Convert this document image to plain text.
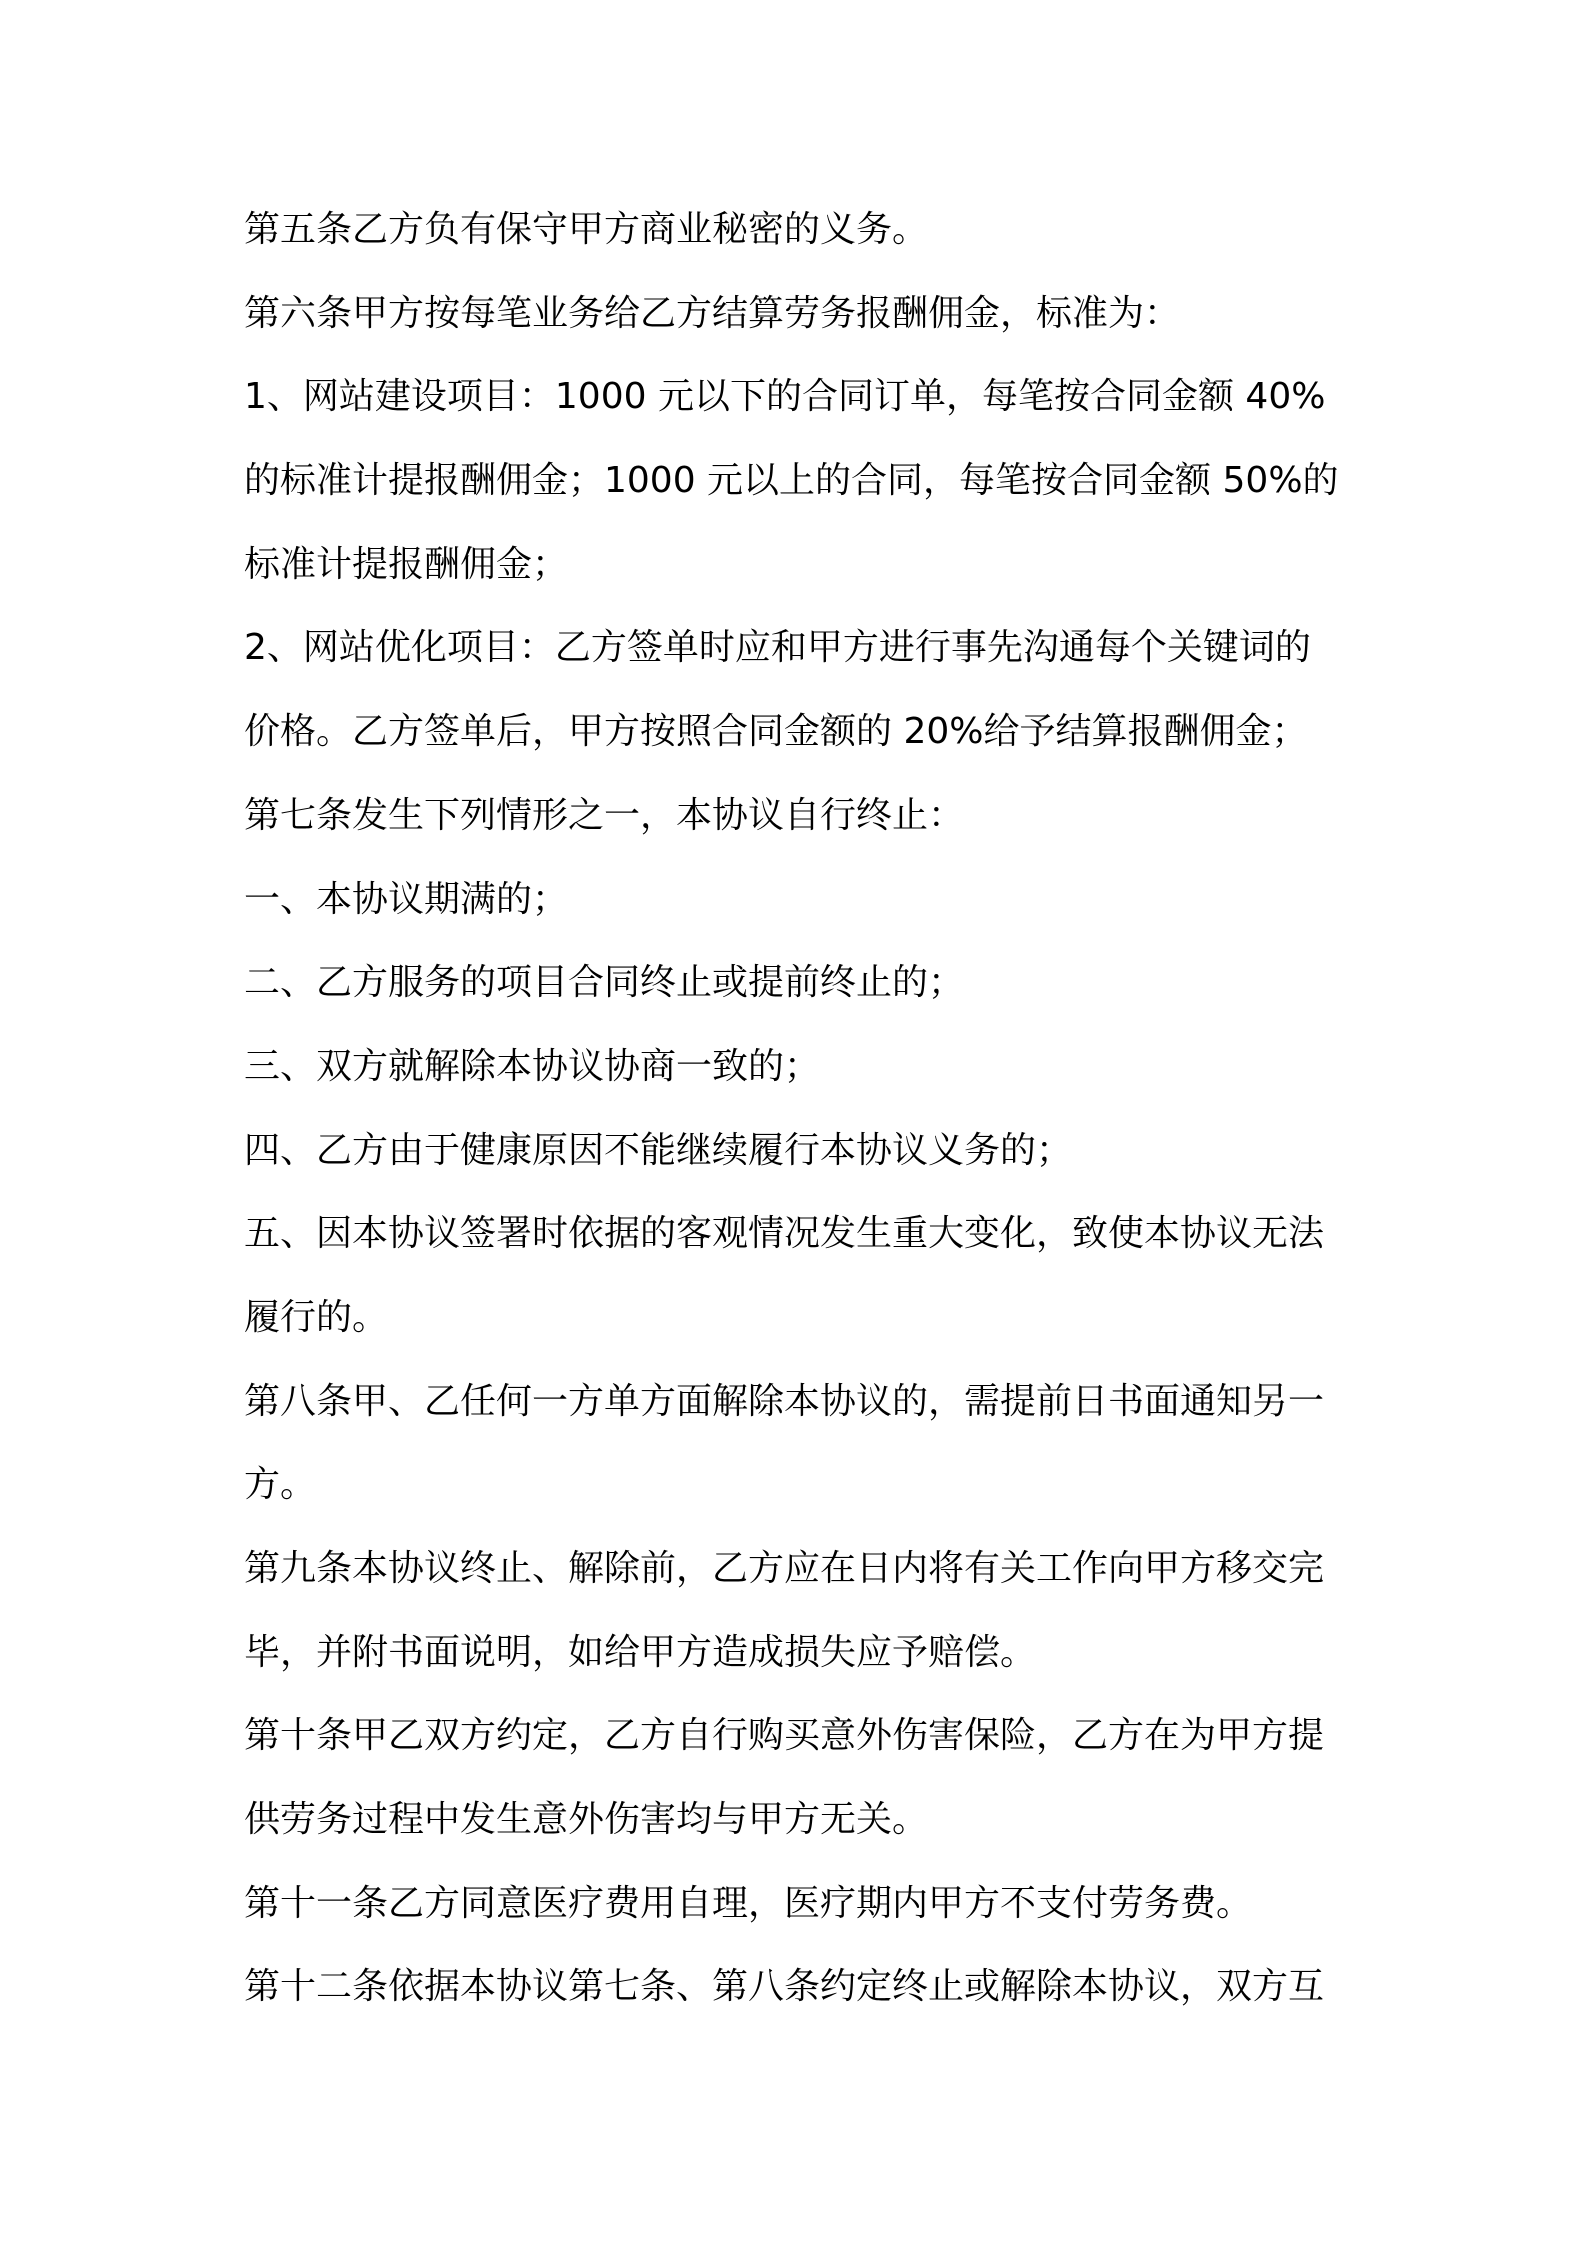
第五条乙方负有保守甲方商业秘密的义务。

第六条甲方按每笔业务给乙方结算劳务报酬佣金，标准为：

1、网站建设项目：1000 元以下的合同订单，每笔按合同金额 40%

的标准计提报酬佣金；1000 元以上的合同，每笔按合同金额 50%的

标准计提报酬佣金；

2、网站优化项目：乙方签单时应和甲方进行事先沟通每个关键词的

价格。乙方签单后，甲方按照合同金额的 20%给予结算报酬佣金；

第七条发生下列情形之一，本协议自行终止：

一、本协议期满的；

二、乙方服务的项目合同终止或提前终止的；

三、双方就解除本协议协商一致的；

四、乙方由于健康原因不能继续履行本协议义务的；

五、因本协议签署时依据的客观情况发生重大变化，致使本协议无法

履行的。

第八条甲、乙任何一方单方面解除本协议的，需提前日书面通知另一

方。

第九条本协议终止、解除前，乙方应在日内将有关工作向甲方移交完

毕，并附书面说明，如给甲方造成损失应予赔偿。

第十条甲乙双方约定，乙方自行购买意外伤害保险，乙方在为甲方提

供劳务过程中发生意外伤害均与甲方无关。

第十一条乙方同意医疗费用自理，医疗期内甲方不支付劳务费。

第十二条依据本协议第七条、第八条约定终止或解除本协议，双方互
